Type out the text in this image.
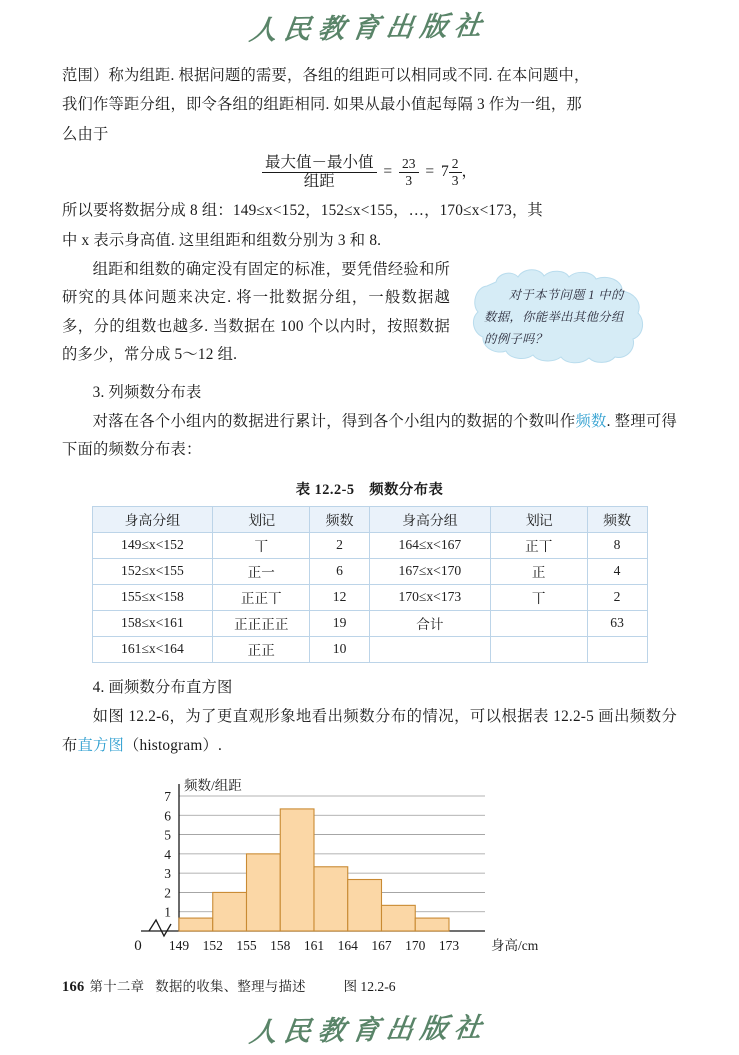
人民教育出版社

范围）称为组距. 根据问题的需要，各组的组距可以相同或不同. 在本问题中，

我们作等距分组，即令各组的组距相同. 如果从最小值起每隔 3 作为一组，那

么由于

$\frac{\text{最大值－最小值}}{\text{组距}} = \frac{23}{3} = 7 \frac{2}{3}$ ，

所以要将数据分成 8 组：149≤x<152，152≤x<155，…，170≤x<173，其

中 x 表示身高值. 这里组距和组数分别为 3 和 8.

组距和组数的确定没有固定的标准，要凭借经验和所研究的具体问题来决定. 将一批数据分组，一般数据越多，分的组数也越多. 当数据在 100 个以内时，按照数据的多少，常分成 5～12 组.

3. 列频数分布表

对落在各个小组内的数据进行累计，得到各个小组内的数据的个数叫作频数. 整理可得下面的频数分布表：

表 12.2-5　频数分布表
身高分组	划记	频数	身高分组	划记	频数
149≤x<152	丅	2	164≤x<167	正丅	8
152≤x<155	正一	6	167≤x<170	正	4
155≤x<158	正正丅	12	170≤x<173	丅	2
158≤x<161	正正正正	19	合计		63
161≤x<164	正正	10			

4. 画频数分布直方图

如图 12.2-6，为了更直观形象地看出频数分布的情况，可以根据表 12.2-5 画出频数分布直方图（histogram）.

1
2
3
4
5
6
7
149 152 155 158 161 164 167 170 173
0	身高/cm
频数/组距
图 12.2-6
对于本节问题 1 中的数据，你能举出其他分组的例子吗？
166 第十二章 数据的收集、整理与描述
人民教育出版社
